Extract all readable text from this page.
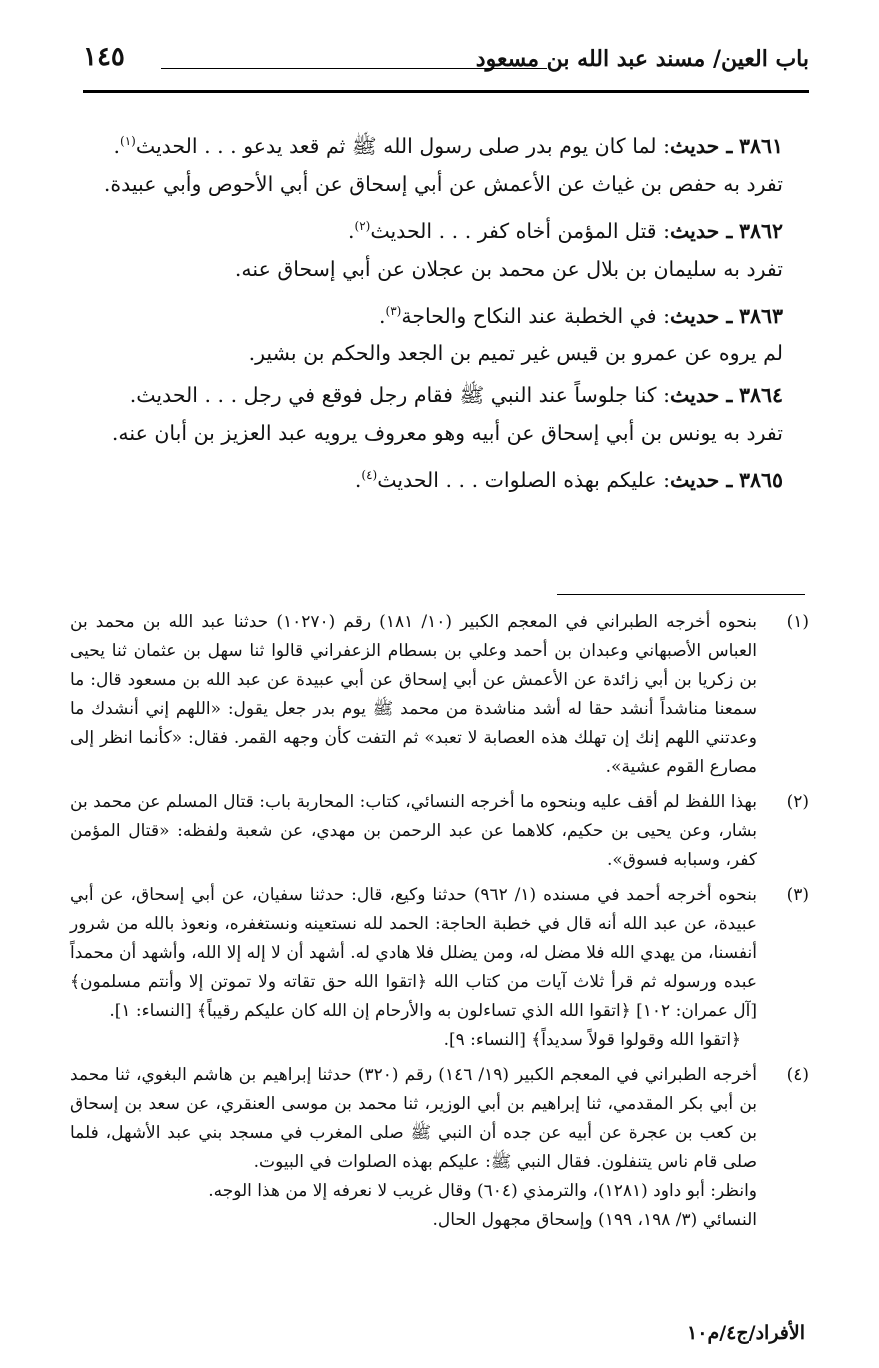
باب العين/ مسند عبد الله بن مسعود
١٤٥

٣٨٦١ ـ حديث: لما كان يوم بدر صلى رسول الله ﷺ ثم قعد يدعو . . . الحديث$^{(١)}$.

تفرد به حفص بن غياث عن الأعمش عن أبي إسحاق عن أبي الأحوص وأبي عبيدة.

٣٨٦٢ ـ حديث: قتل المؤمن أخاه كفر . . . الحديث$^{(٢)}$.

تفرد به سليمان بن بلال عن محمد بن عجلان عن أبي إسحاق عنه.

٣٨٦٣ ـ حديث: في الخطبة عند النكاح والحاجة$^{(٣)}$.

لم يروه عن عمرو بن قيس غير تميم بن الجعد والحكم بن بشير.

٣٨٦٤ ـ حديث: كنا جلوساً عند النبي ﷺ فقام رجل فوقع في رجل . . . الحديث.

تفرد به يونس بن أبي إسحاق عن أبيه وهو معروف يرويه عبد العزيز بن أبان عنه.

٣٨٦٥ ـ حديث: عليكم بهذه الصلوات . . . الحديث$^{(٤)}$.

(١)
بنحوه أخرجه الطبراني في المعجم الكبير (١٠/ ١٨١) رقم (١٠٢٧٠) حدثنا عبد الله بن محمد بن العباس الأصبهاني وعبدان بن أحمد وعلي بن بسطام الزعفراني قالوا ثنا سهل بن عثمان ثنا يحيى بن زكريا بن أبي زائدة عن الأعمش عن أبي إسحاق عن أبي عبيدة عن عبد الله بن مسعود قال: ما سمعنا مناشداً أنشد حقا له أشد مناشدة من محمد ﷺ يوم بدر جعل يقول: «اللهم إني أنشدك ما وعدتني اللهم إنك إن تهلك هذه العصابة لا تعبد» ثم التفت كأن وجهه القمر. فقال: «كأنما انظر إلى مصارع القوم عشية».

(٢)
بهذا اللفظ لم أقف عليه وبنحوه ما أخرجه النسائي، كتاب: المحاربة باب: قتال المسلم عن محمد بن بشار، وعن يحيى بن حكيم، كلاهما عن عبد الرحمن بن مهدي، عن شعبة ولفظه: «قتال المؤمن كفر، وسبابه فسوق».

(٣)
بنحوه أخرجه أحمد في مسنده (١/ ٩٦٢) حدثنا وكيع، قال: حدثنا سفيان، عن أبي إسحاق، عن أبي عبيدة، عن عبد الله أنه قال في خطبة الحاجة: الحمد لله نستعينه ونستغفره، ونعوذ بالله من شرور أنفسنا، من يهدي الله فلا مضل له، ومن يضلل فلا هادي له. أشهد أن لا إله إلا الله، وأشهد أن محمداً عبده ورسوله ثم قرأ ثلاث آيات من كتاب الله ﴿اتقوا الله حق تقاته ولا تموتن إلا وأنتم مسلمون﴾ [آل عمران: ١٠٢] ﴿اتقوا الله الذي تساءلون به والأرحام إن الله كان عليكم رقيباً﴾ [النساء: ١].

﴿اتقوا الله وقولوا قولاً سديداً﴾ [النساء: ٩].

(٤)
أخرجه الطبراني في المعجم الكبير (١٩/ ١٤٦) رقم (٣٢٠) حدثنا إبراهيم بن هاشم البغوي، ثنا محمد بن أبي بكر المقدمي، ثنا إبراهيم بن أبي الوزير، ثنا محمد بن موسى العنقري، عن سعد بن إسحاق بن كعب بن عجرة عن أبيه عن جده أن النبي ﷺ صلى المغرب في مسجد بني عبد الأشهل، فلما صلى قام ناس يتنفلون. فقال النبي ﷺ: عليكم بهذه الصلوات في البيوت.

وانظر: أبو داود (١٢٨١)، والترمذي (٦٠٤) وقال غريب لا نعرفه إلا من هذا الوجه.

النسائي (٣/ ١٩٨، ١٩٩) وإسحاق مجهول الحال.

الأفراد/ج٤/م١٠
